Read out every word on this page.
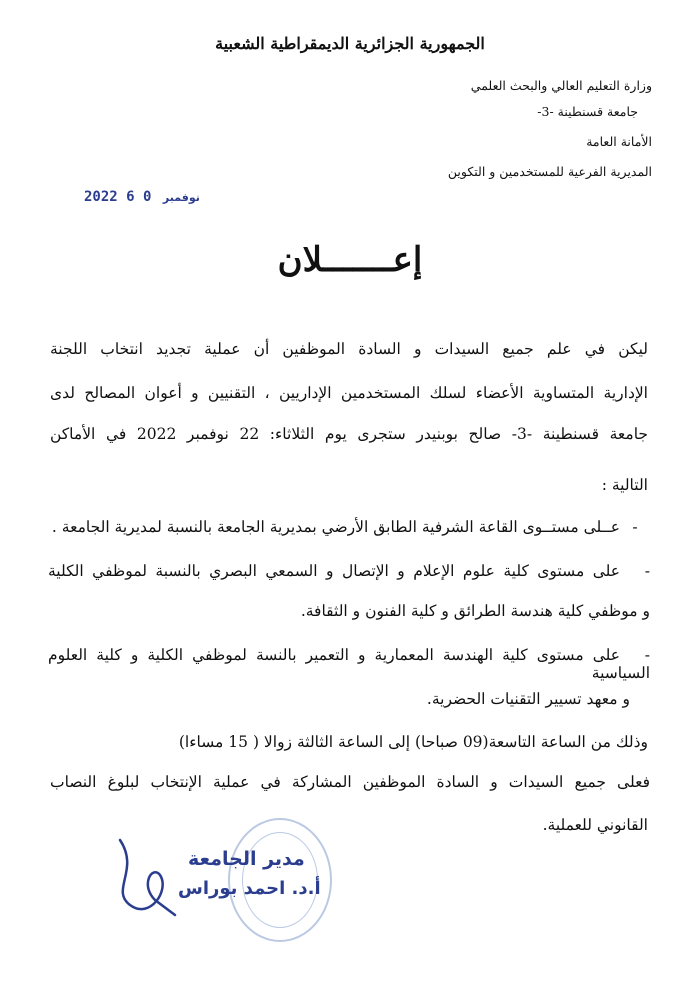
الجمهورية الجزائرية الديمقراطية الشعبية
وزارة التعليم العالي والبحث العلمي
جامعة قسنطينة -3-
الأمانة العامة
المديرية الفرعية للمستخدمين و التكوين
2022	نوفمبر 0 6
إعـــــــلان
ليكن في علم جميع السيدات و السادة الموظفين أن عملية تجديد انتخاب اللجنة
الإدارية المتساوية الأعضاء لسلك المستخدمين الإداريين ، التقنيين و أعوان المصالح لدى
جامعة قسنطينة -3- صالح بوبنيدر ستجرى يوم الثلاثاء: 22 نوفمبر 2022 في الأماكن
التالية :
-عــلى مستــوى القاعة الشرفية الطابق الأرضي بمديرية الجامعة بالنسبة لمديرية الجامعة .
-على مستوى كلية علوم الإعلام و الإتصال و السمعي البصري بالنسبة لموظفي الكلية
و موظفي كلية هندسة الطرائق و كلية الفنون و الثقافة.
-على مستوى كلية الهندسة المعمارية و التعمير بالنسة لموظفي الكلية و كلية العلوم السياسية
و معهد تسيير التقنيات الحضرية.
وذلك من الساعة التاسعة(09 صباحا) إلى الساعة الثالثة زوالا ( 15 مساءا)
فعلى جميع السيدات و السادة الموظفين المشاركة في عملية الإنتخاب لبلوغ النصاب
القانوني للعملية.
مدير الجامعة
أ.د. احمد بوراس
